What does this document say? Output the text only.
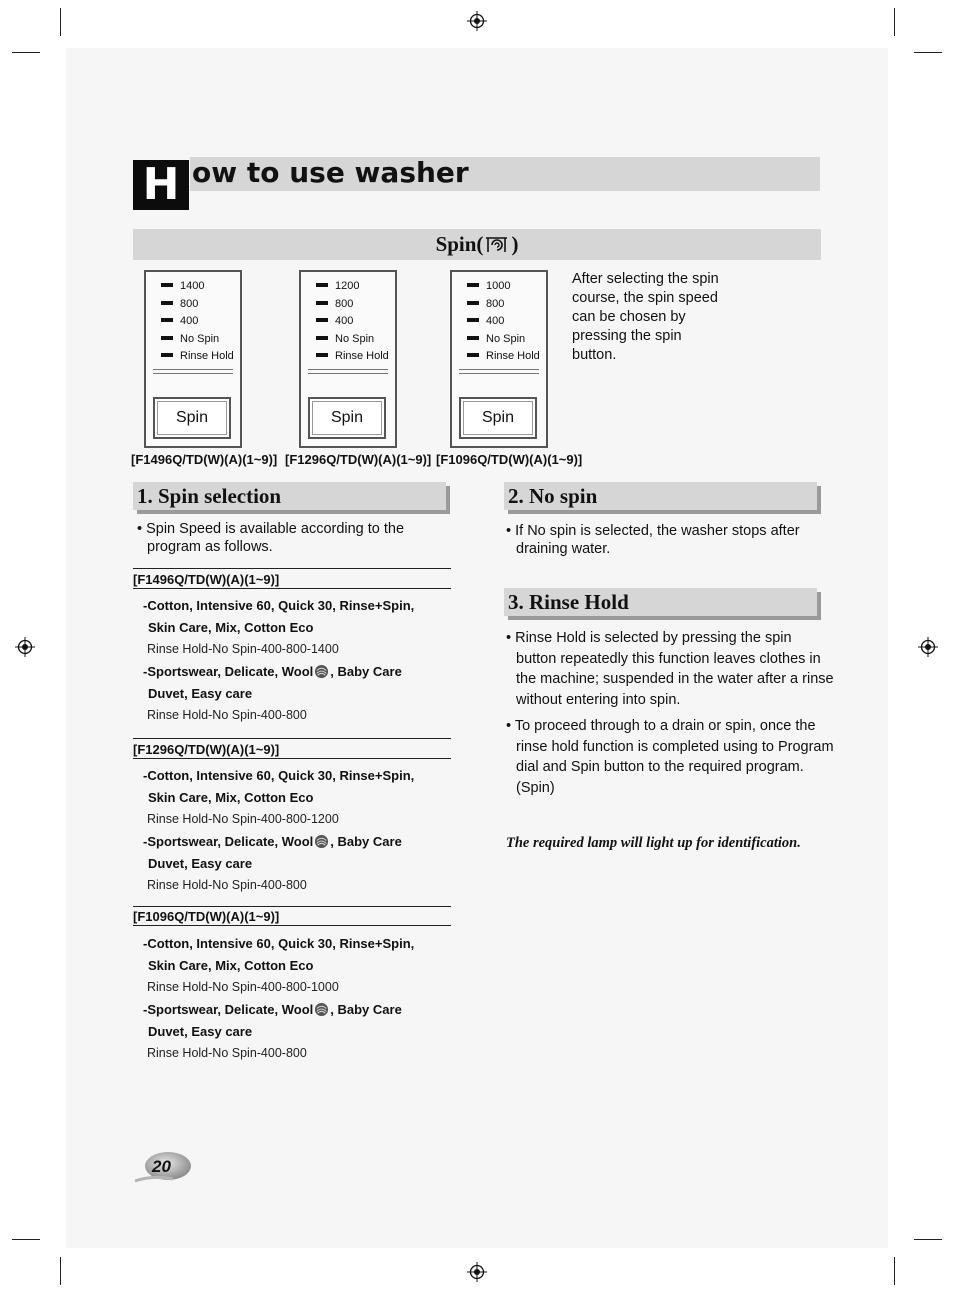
H ow to use washer
Spin( )
1400
800
400
No Spin
Rinse Hold
Spin
1200
800
400
No Spin
Rinse Hold
Spin
1000
800
400
No Spin
Rinse Hold
Spin
[F1496Q/TD(W)(A)(1~9)] [F1296Q/TD(W)(A)(1~9)] [F1096Q/TD(W)(A)(1~9)]
After selecting the spin course, the spin speed can be chosen by pressing the spin button.
1. Spin selection
• Spin Speed is available according to the program as follows.
[F1496Q/TD(W)(A)(1~9)]
-Cotton, Intensive 60, Quick 30, Rinse+Spin,
Skin Care, Mix, Cotton Eco
Rinse Hold-No Spin-400-800-1400
-Sportswear, Delicate, Wool , Baby Care
Duvet, Easy care
Rinse Hold-No Spin-400-800
[F1296Q/TD(W)(A)(1~9)]
-Cotton, Intensive 60, Quick 30, Rinse+Spin,
Skin Care, Mix, Cotton Eco
Rinse Hold-No Spin-400-800-1200
-Sportswear, Delicate, Wool , Baby Care
Duvet, Easy care
Rinse Hold-No Spin-400-800
[F1096Q/TD(W)(A)(1~9)]
-Cotton, Intensive 60, Quick 30, Rinse+Spin,
Skin Care, Mix, Cotton Eco
Rinse Hold-No Spin-400-800-1000
-Sportswear, Delicate, Wool , Baby Care
Duvet, Easy care
Rinse Hold-No Spin-400-800
2. No spin
• If No spin is selected, the washer stops after draining water.
3. Rinse Hold
• Rinse Hold is selected by pressing the spin button repeatedly this function leaves clothes in the machine; suspended in the water after a rinse without entering into spin.
• To proceed through to a drain or spin, once the rinse hold function is completed using to Program dial and Spin button to the required program.
(Spin)
The required lamp will light up for identification.
20
